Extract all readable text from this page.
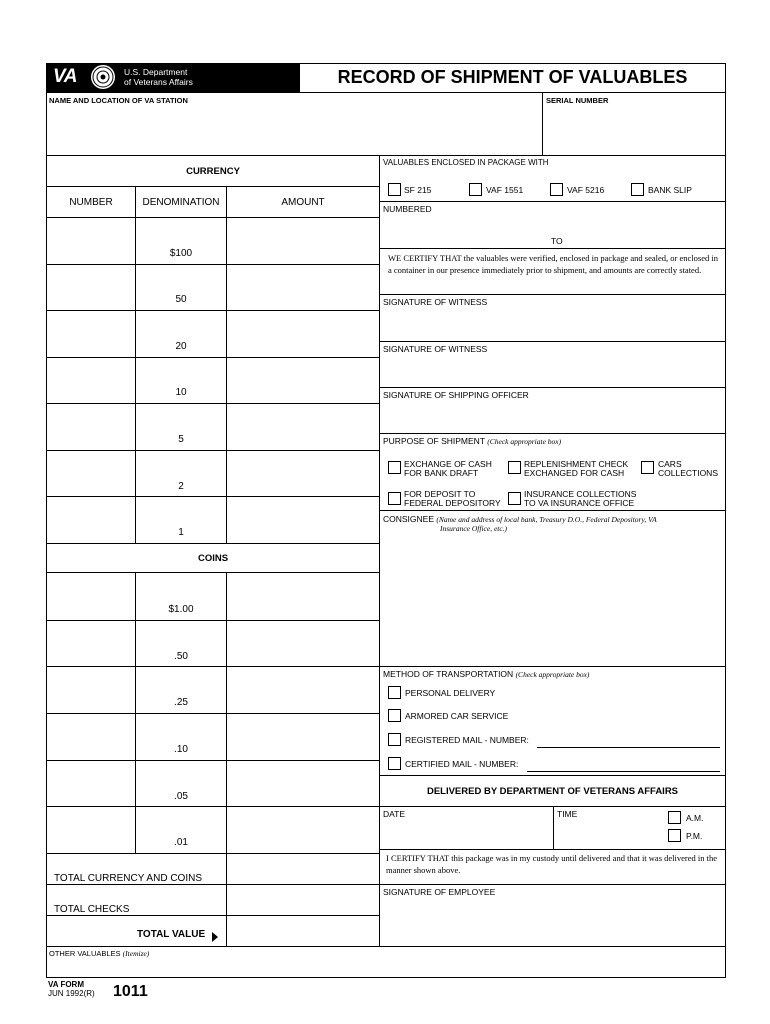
VA	U.S. Department
of Veterans Affairs	RECORD OF SHIPMENT OF VALUABLES
NAME AND LOCATION OF VA STATION	SERIAL NUMBER
CURRENCY
NUMBER	DENOMINATION	AMOUNT
$100
50
20
10
5
2
1
COINS
$1.00
.50
.25
.10
.05
.01
TOTAL CURRENCY AND COINS
TOTAL CHECKS
TOTAL VALUE
OTHER VALUABLES (Itemize)
VALUABLES ENCLOSED IN PACKAGE WITH
SF 215	VAF 1551	VAF 5216	BANK SLIP
NUMBERED
TO
WE CERTIFY THAT the valuables were verified, enclosed in package and sealed, or enclosed in a container in our presence immediately prior to shipment, and amounts are correctly stated.
SIGNATURE OF WITNESS
SIGNATURE OF WITNESS
SIGNATURE OF SHIPPING OFFICER
PURPOSE OF SHIPMENT (Check appropriate box)
EXCHANGE OF CASH
FOR BANK DRAFT
REPLENISHMENT CHECK
EXCHANGED FOR CASH
CARS
COLLECTIONS
FOR DEPOSIT TO
FEDERAL DEPOSITORY
INSURANCE COLLECTIONS
TO VA INSURANCE OFFICE
CONSIGNEE (Name and address of local bank, Treasury D.O., Federal Depository, VA
Insurance Office, etc.)
METHOD OF TRANSPORTATION (Check appropriate box)
PERSONAL DELIVERY
ARMORED CAR SERVICE
REGISTERED MAIL - NUMBER:
CERTIFIED MAIL - NUMBER:
DELIVERED BY DEPARTMENT OF VETERANS AFFAIRS
DATE	TIME	A.M.
P.M.
I CERTIFY THAT this package was in my custody until delivered and that it was delivered in the manner shown above.
SIGNATURE OF EMPLOYEE
VA FORM
JUN 1992(R) 1011
